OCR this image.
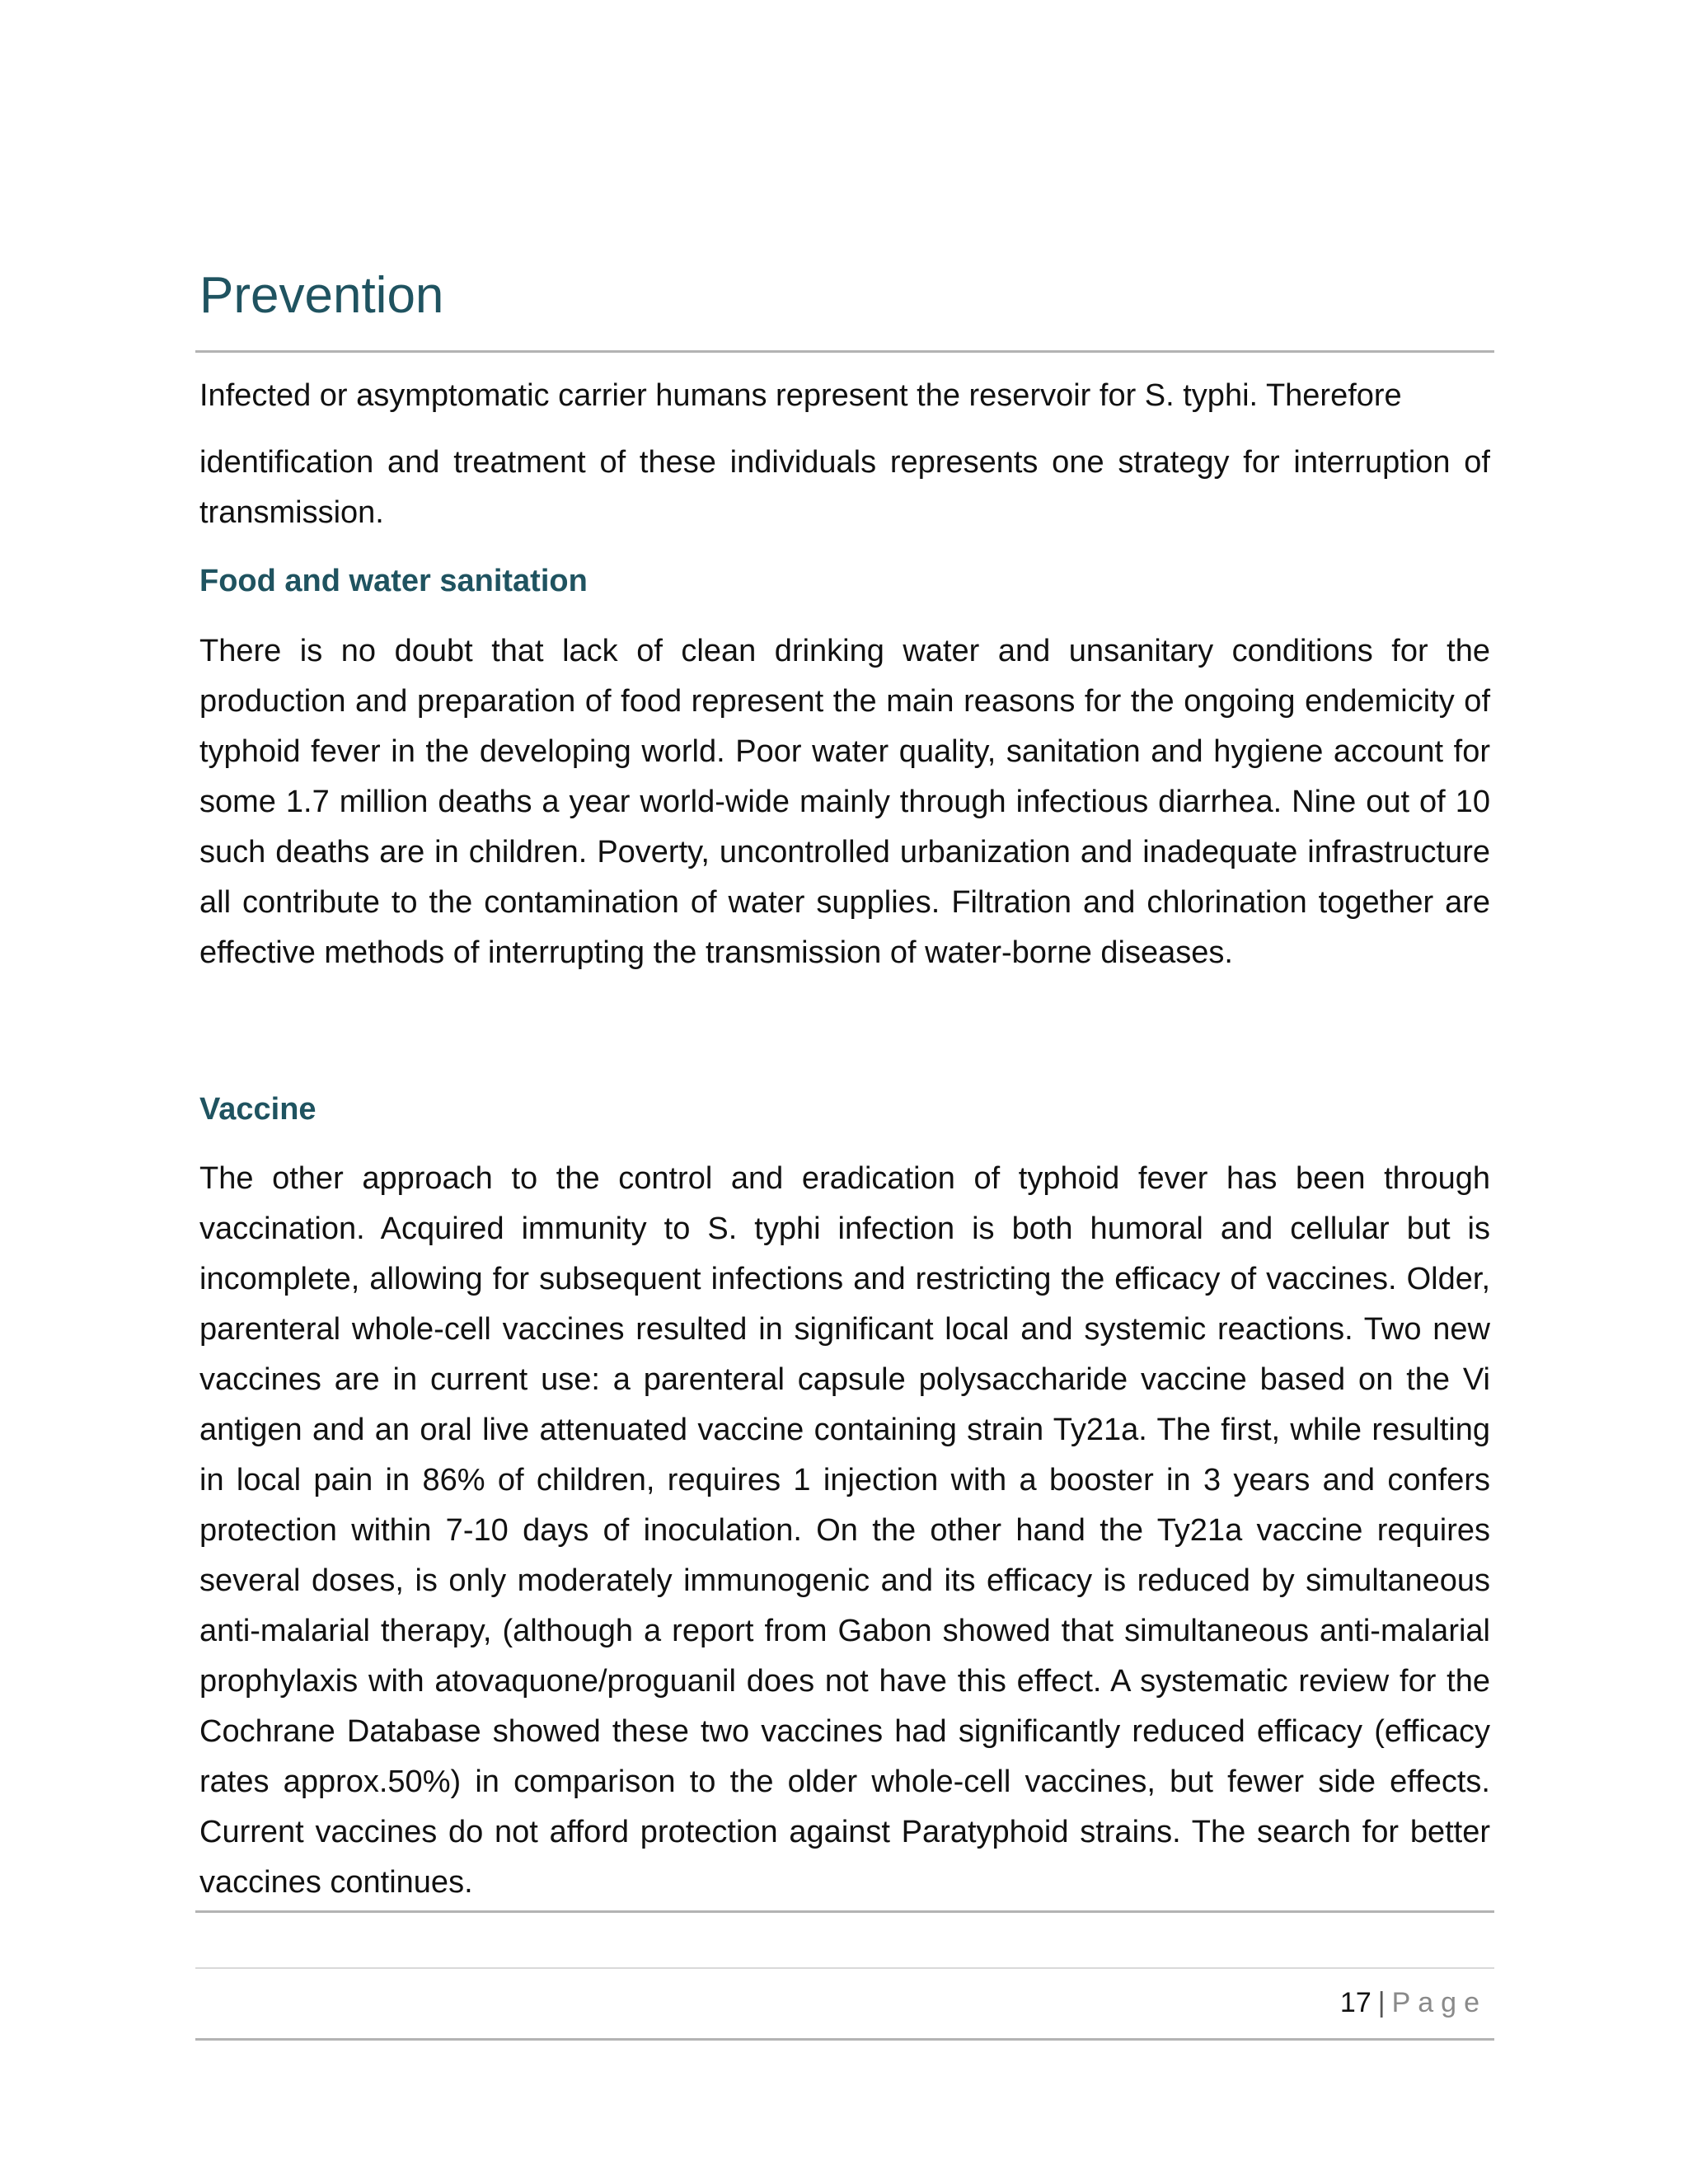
Prevention

Infected or asymptomatic carrier humans represent the reservoir for S. typhi. Therefore

identification and treatment of these individuals represents one strategy for interruption of transmission.

Food and water sanitation

There is no doubt that lack of clean drinking water and unsanitary conditions for the production and preparation of food represent the main reasons for the ongoing endemicity of typhoid fever in the developing world. Poor water quality, sanitation and hygiene account for some 1.7 million deaths a year world-wide mainly through infectious diarrhea. Nine out of 10 such deaths are in children. Poverty, uncontrolled urbanization and inadequate infrastructure all contribute to the contamination of water supplies. Filtration and chlorination together are effective methods of interrupting the transmission of water-borne diseases.

Vaccine

The other approach to the control and eradication of typhoid fever has been through vaccination. Acquired immunity to S. typhi infection is both humoral and cellular but is incomplete, allowing for subsequent infections and restricting the efficacy of vaccines. Older, parenteral whole-cell vaccines resulted in significant local and systemic reactions. Two new vaccines are in current use: a parenteral capsule polysaccharide vaccine based on the Vi antigen and an oral live attenuated vaccine containing strain Ty21a. The first, while resulting in local pain in 86% of children, requires 1 injection with a booster in 3 years and confers protection within 7-10 days of inoculation. On the other hand the Ty21a vaccine requires several doses, is only moderately immunogenic and its efficacy is reduced by simultaneous anti-malarial therapy, (although a report from Gabon showed that simultaneous anti-malarial prophylaxis with atovaquone/proguanil does not have this effect. A systematic review for the Cochrane Database showed these two vaccines had significantly reduced efficacy (efficacy rates approx.50%) in comparison to the older whole-cell vaccines, but fewer side effects. Current vaccines do not afford protection against Paratyphoid strains. The search for better vaccines continues.

17 | Page
